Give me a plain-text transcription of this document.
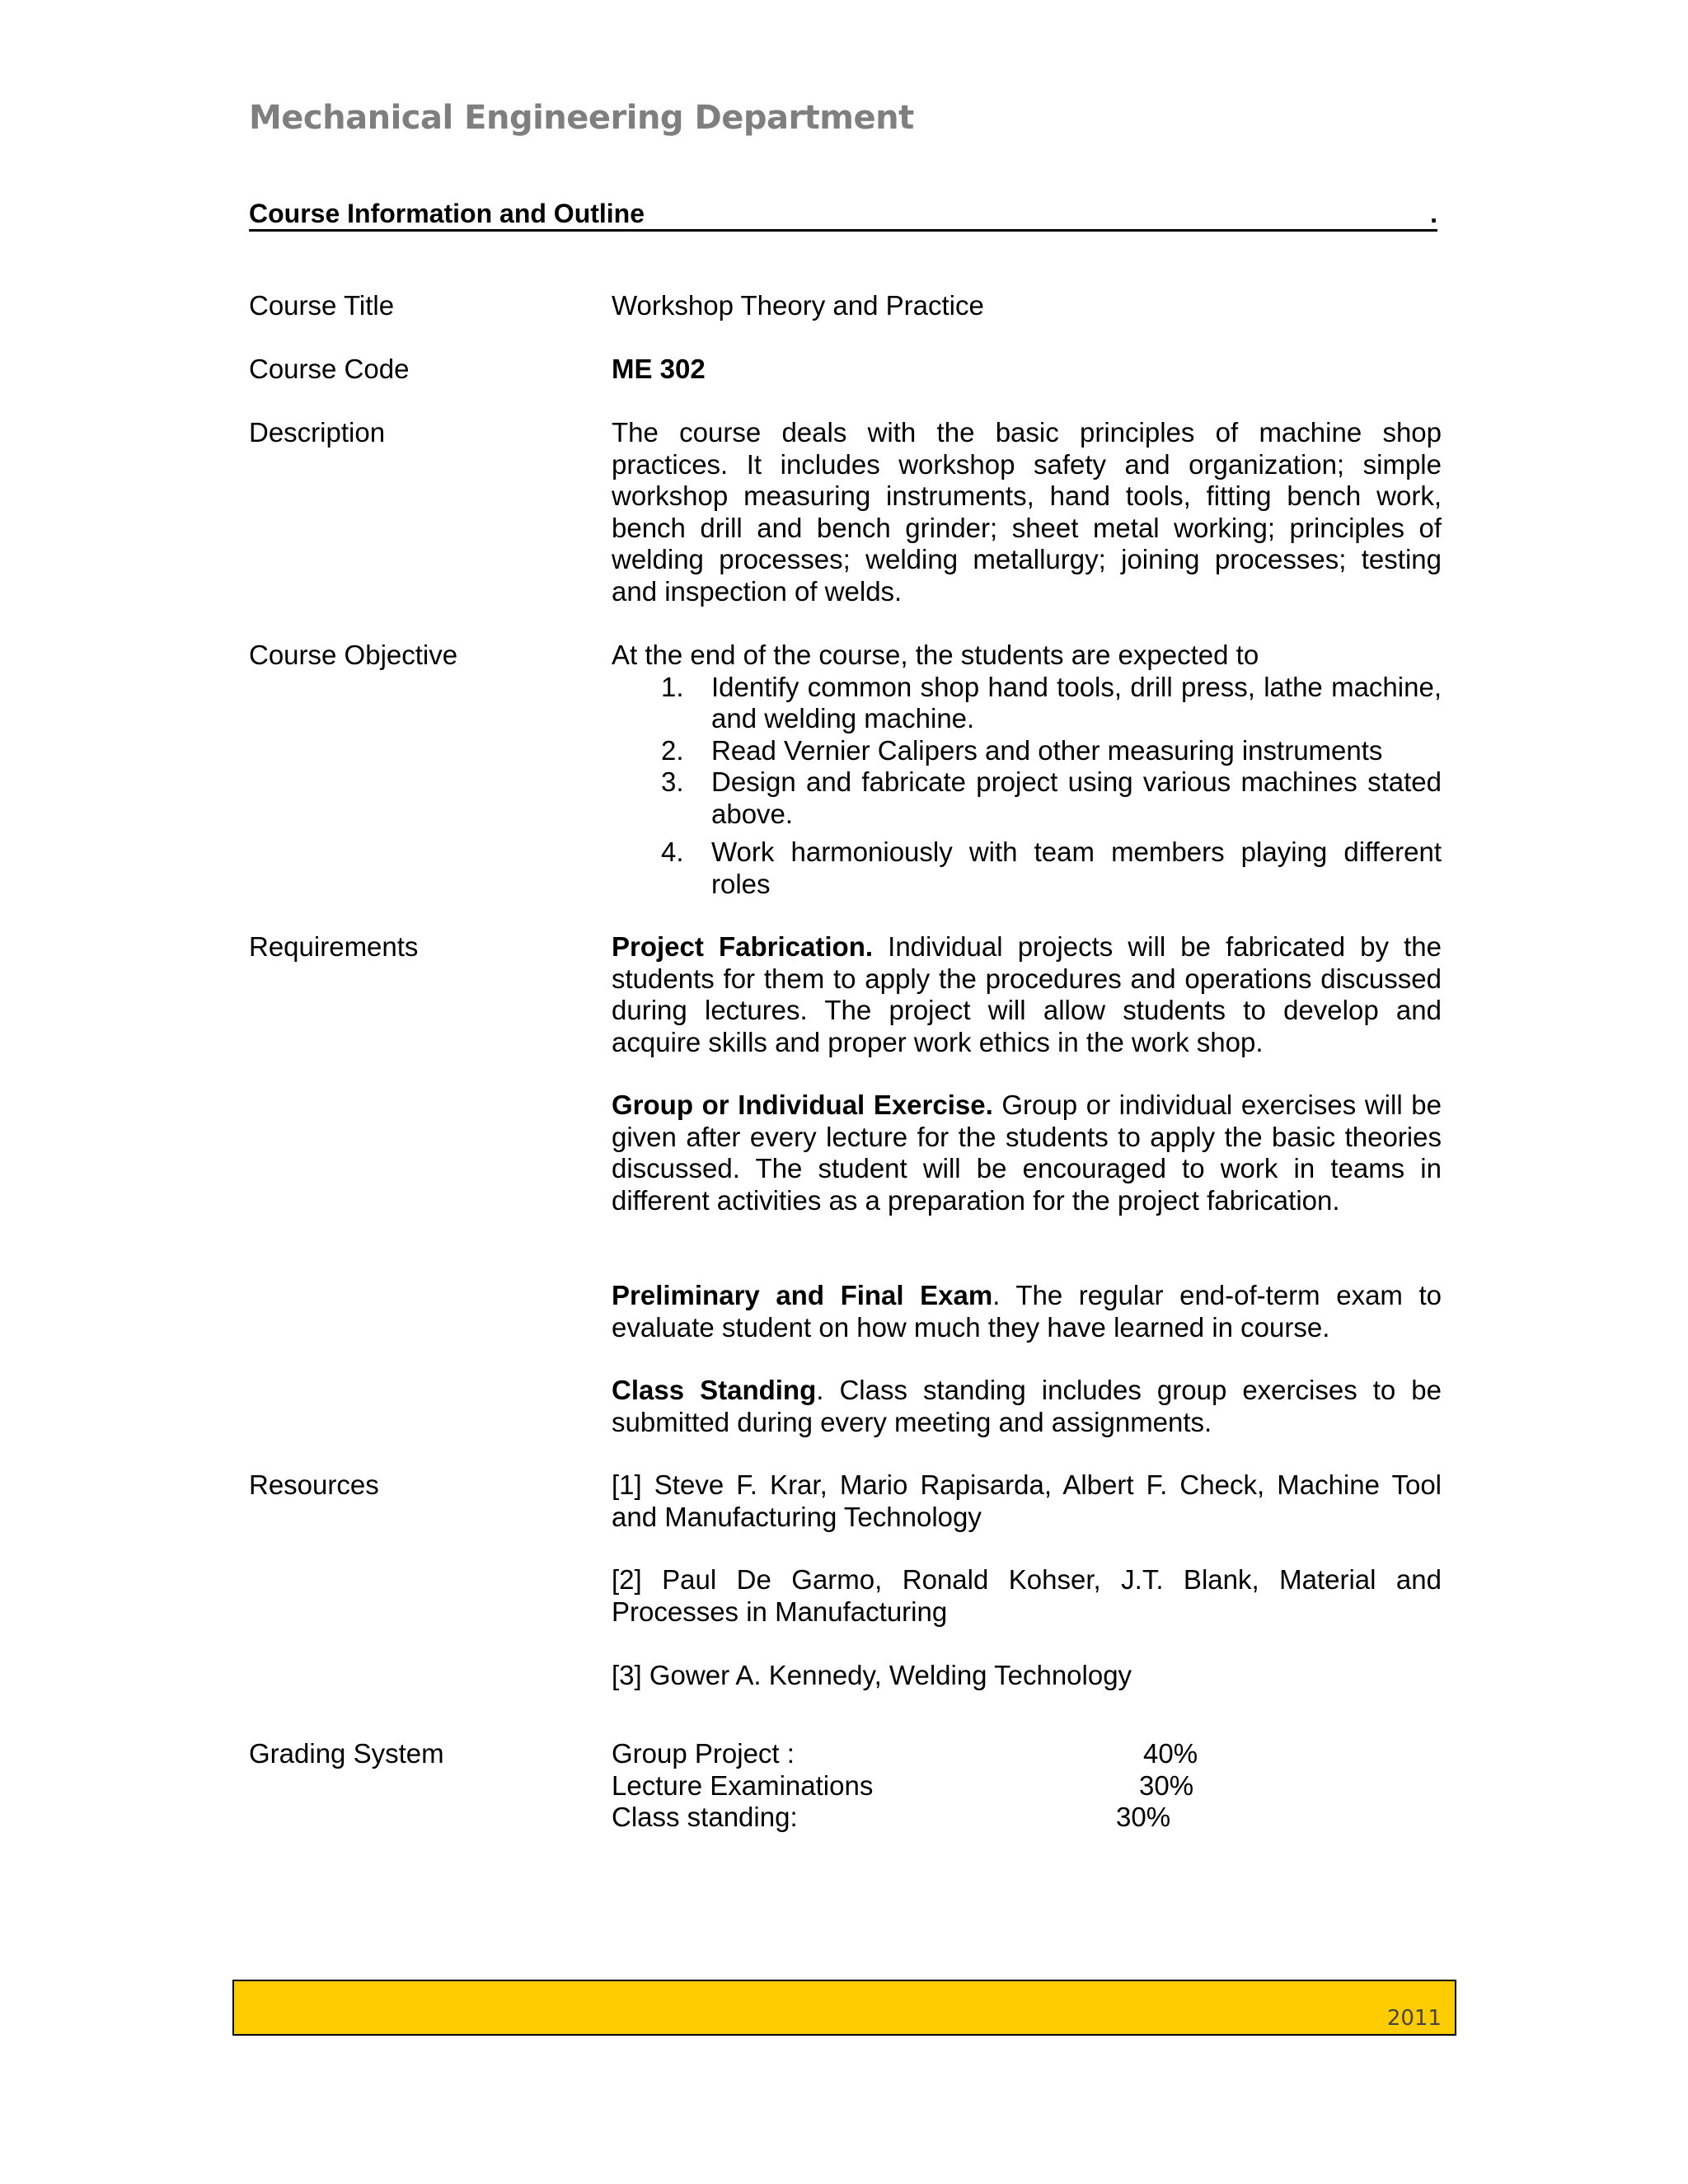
Mechanical Engineering Department
Course Information and Outline	.
Course Title	Workshop Theory and Practice
Course Code	ME 302
Description	The course deals with the basic principles of machine shop practices. It includes workshop safety and organization; simple workshop measuring instruments, hand tools, fitting bench work, bench drill and bench grinder; sheet metal working; principles of welding processes; welding metallurgy; joining processes; testing and inspection of welds.
Course Objective	At the end of the course, the students are expected to

1. Identify common shop hand tools, drill press, lathe machine, and welding machine.
2. Read Vernier Calipers and other measuring instruments
3. Design and fabricate project using various machines stated above.
4. Work harmoniously with team members playing different roles
Requirements	Project Fabrication. Individual projects will be fabricated by the students for them to apply the procedures and operations discussed during lectures. The project will allow students to develop and acquire skills and proper work ethics in the work shop.
Group or Individual Exercise. Group or individual exercises will be given after every lecture for the students to apply the basic theories discussed. The student will be encouraged to work in teams in different activities as a preparation for the project fabrication.
Preliminary and Final Exam. The regular end-of-term exam to evaluate student on how much they have learned in course.
Class Standing. Class standing includes group exercises to be submitted during every meeting and assignments.
Resources	[1] Steve F. Krar, Mario Rapisarda, Albert F. Check, Machine Tool and Manufacturing Technology
[2] Paul De Garmo, Ronald Kohser, J.T. Blank, Material and Processes in Manufacturing
[3] Gower A. Kennedy, Welding Technology
Grading System	Group Project :	40%
Lecture Examinations	30%
Class standing:	30%
2011
